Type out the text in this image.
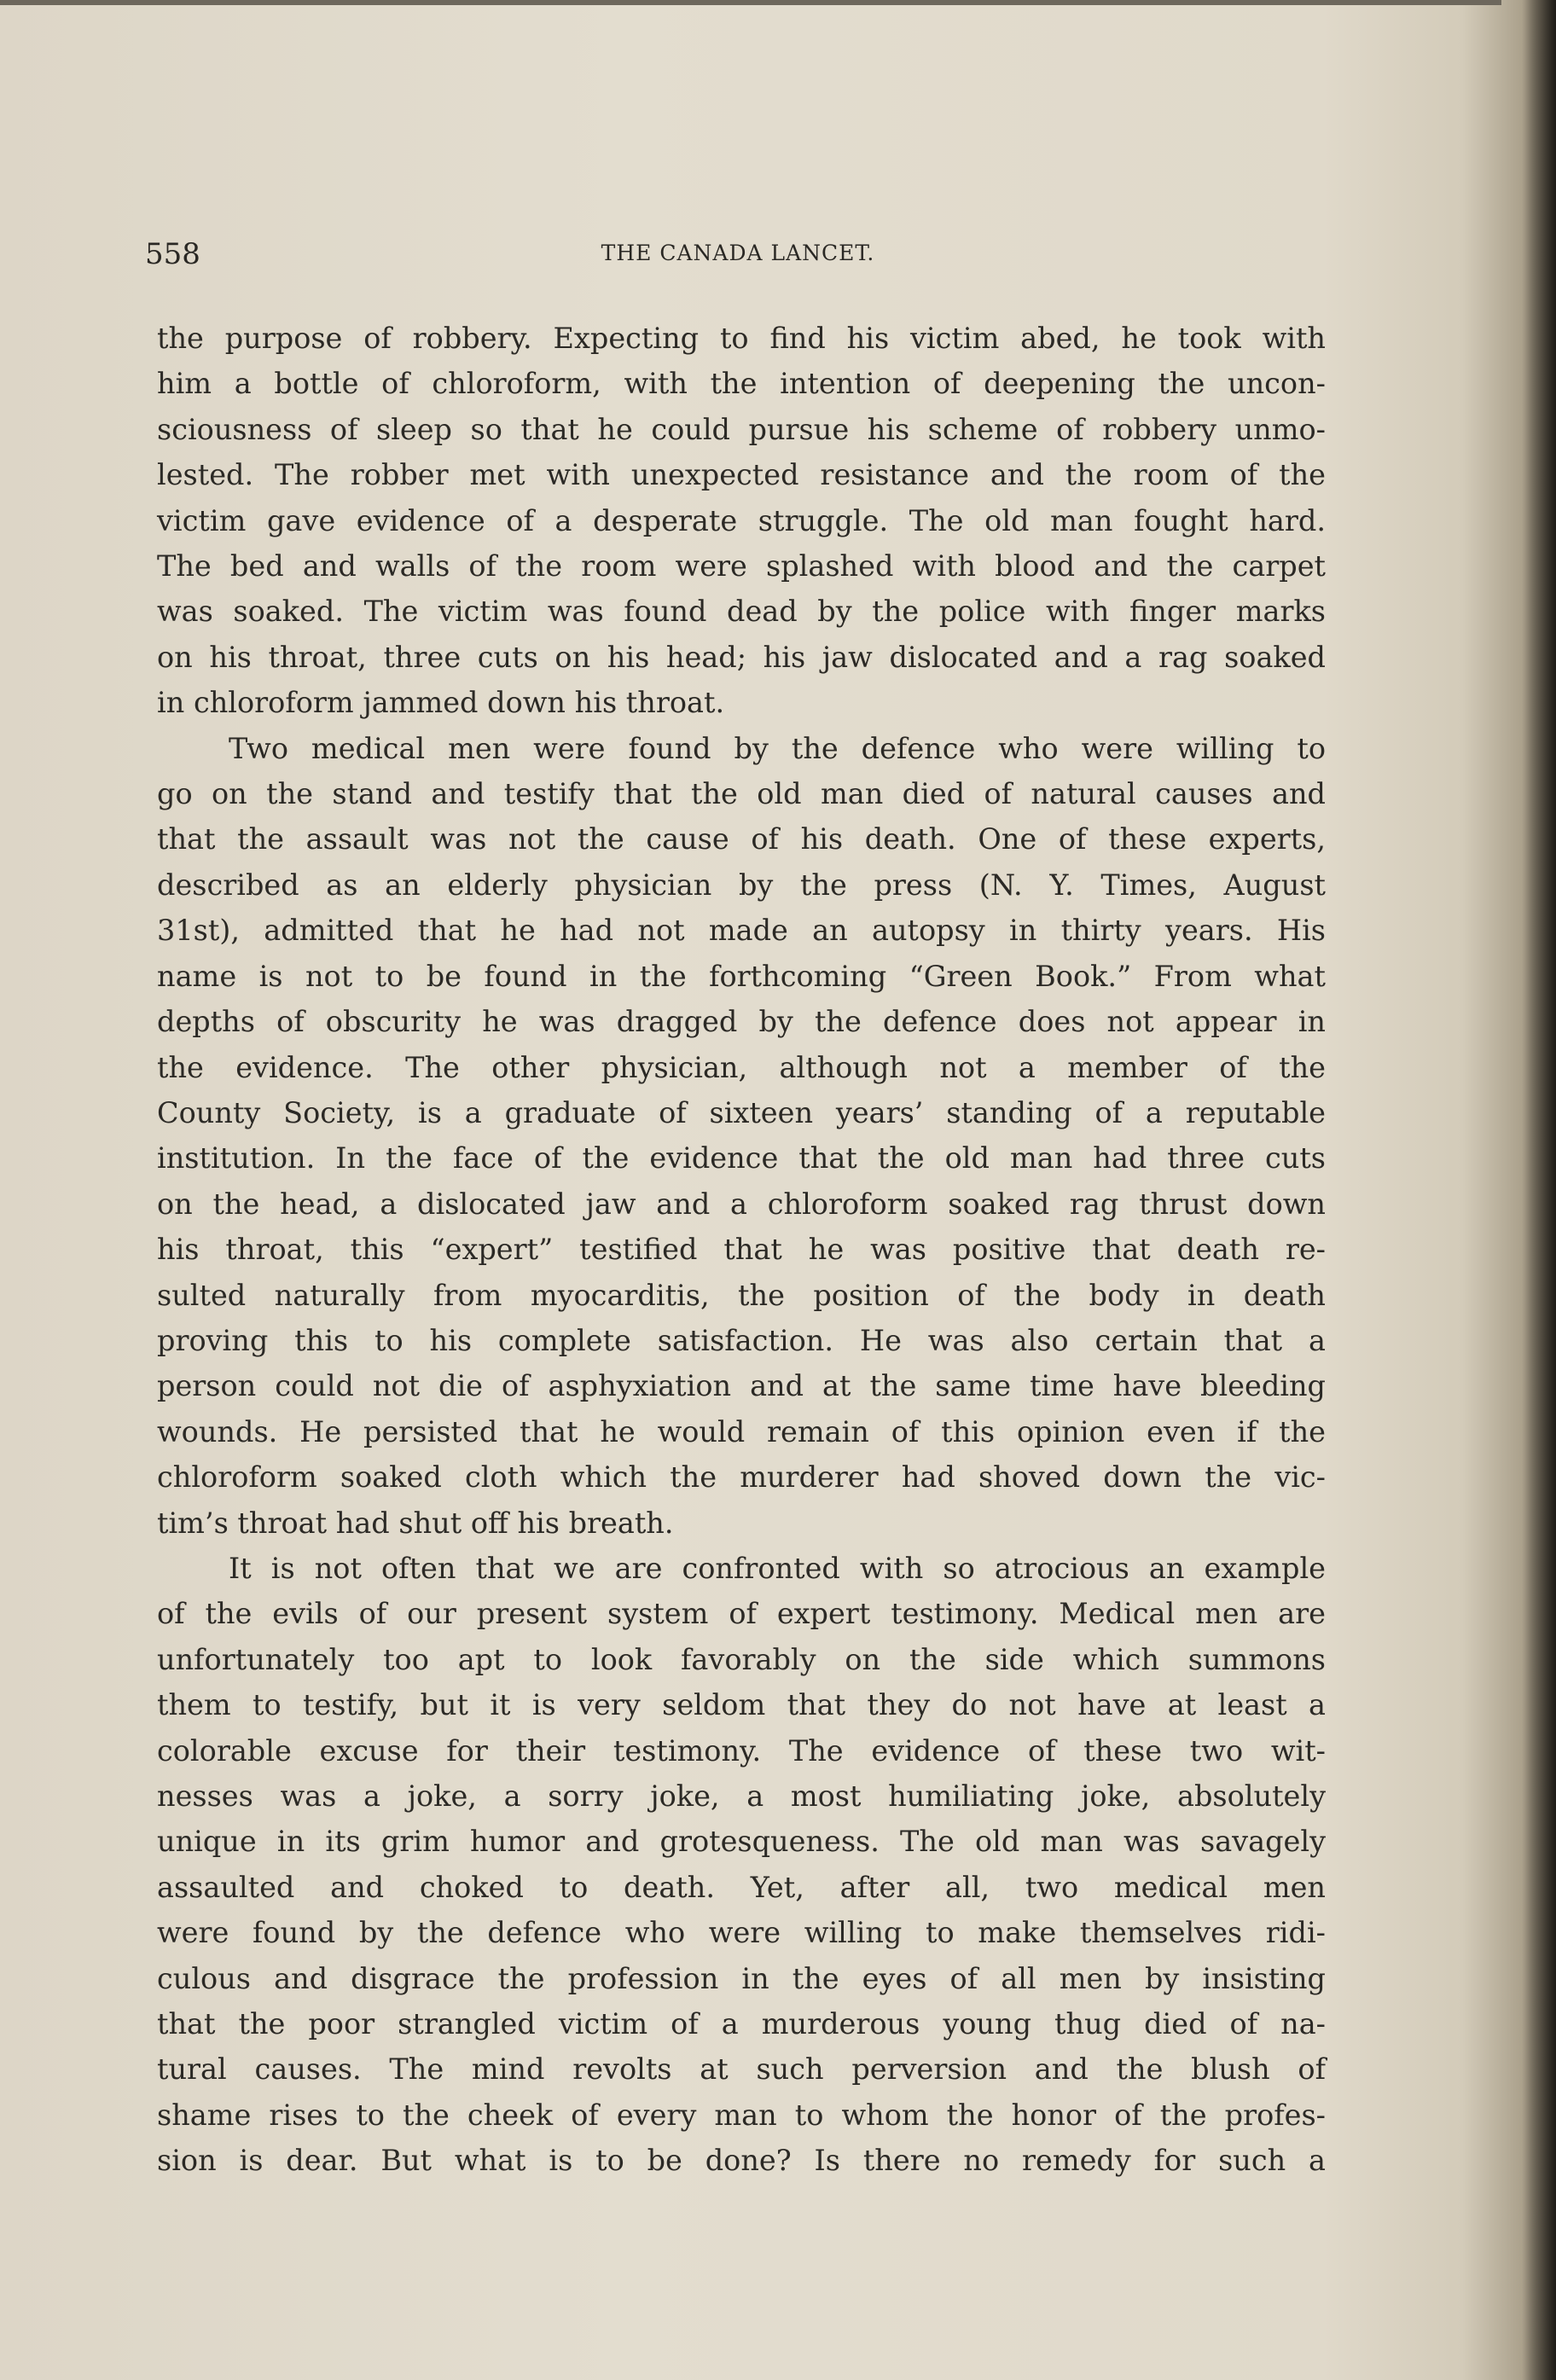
558	THE CANADA LANCET.
the purpose of robbery. Expecting to find his victim abed, he took with
him a bottle of chloroform, with the intention of deepening the uncon-
sciousness of sleep so that he could pursue his scheme of robbery unmo-
lested. The robber met with unexpected resistance and the room of the
victim gave evidence of a desperate struggle. The old man fought hard.
The bed and walls of the room were splashed with blood and the carpet
was soaked. The victim was found dead by the police with finger marks
on his throat, three cuts on his head; his jaw dislocated and a rag soaked
in chloroform jammed down his throat.
Two medical men were found by the defence who were willing to
go on the stand and testify that the old man died of natural causes and
that the assault was not the cause of his death. One of these experts,
described as an elderly physician by the press (N. Y. Times, August
31st), admitted that he had not made an autopsy in thirty years. His
name is not to be found in the forthcoming “Green Book.” From what
depths of obscurity he was dragged by the defence does not appear in
the evidence. The other physician, although not a member of the
County Society, is a graduate of sixteen years’ standing of a reputable
institution. In the face of the evidence that the old man had three cuts
on the head, a dislocated jaw and a chloroform soaked rag thrust down
his throat, this “expert” testified that he was positive that death re-
sulted naturally from myocarditis, the position of the body in death
proving this to his complete satisfaction. He was also certain that a
person could not die of asphyxiation and at the same time have bleeding
wounds. He persisted that he would remain of this opinion even if the
chloroform soaked cloth which the murderer had shoved down the vic-
tim’s throat had shut off his breath.
It is not often that we are confronted with so atrocious an example
of the evils of our present system of expert testimony. Medical men are
unfortunately too apt to look favorably on the side which summons
them to testify, but it is very seldom that they do not have at least a
colorable excuse for their testimony. The evidence of these two wit-
nesses was a joke, a sorry joke, a most humiliating joke, absolutely
unique in its grim humor and grotesqueness. The old man was savagely
assaulted and choked to death. Yet, after all, two medical men
were found by the defence who were willing to make themselves ridi-
culous and disgrace the profession in the eyes of all men by insisting
that the poor strangled victim of a murderous young thug died of na-
tural causes. The mind revolts at such perversion and the blush of
shame rises to the cheek of every man to whom the honor of the profes-
sion is dear. But what is to be done? Is there no remedy for such a
